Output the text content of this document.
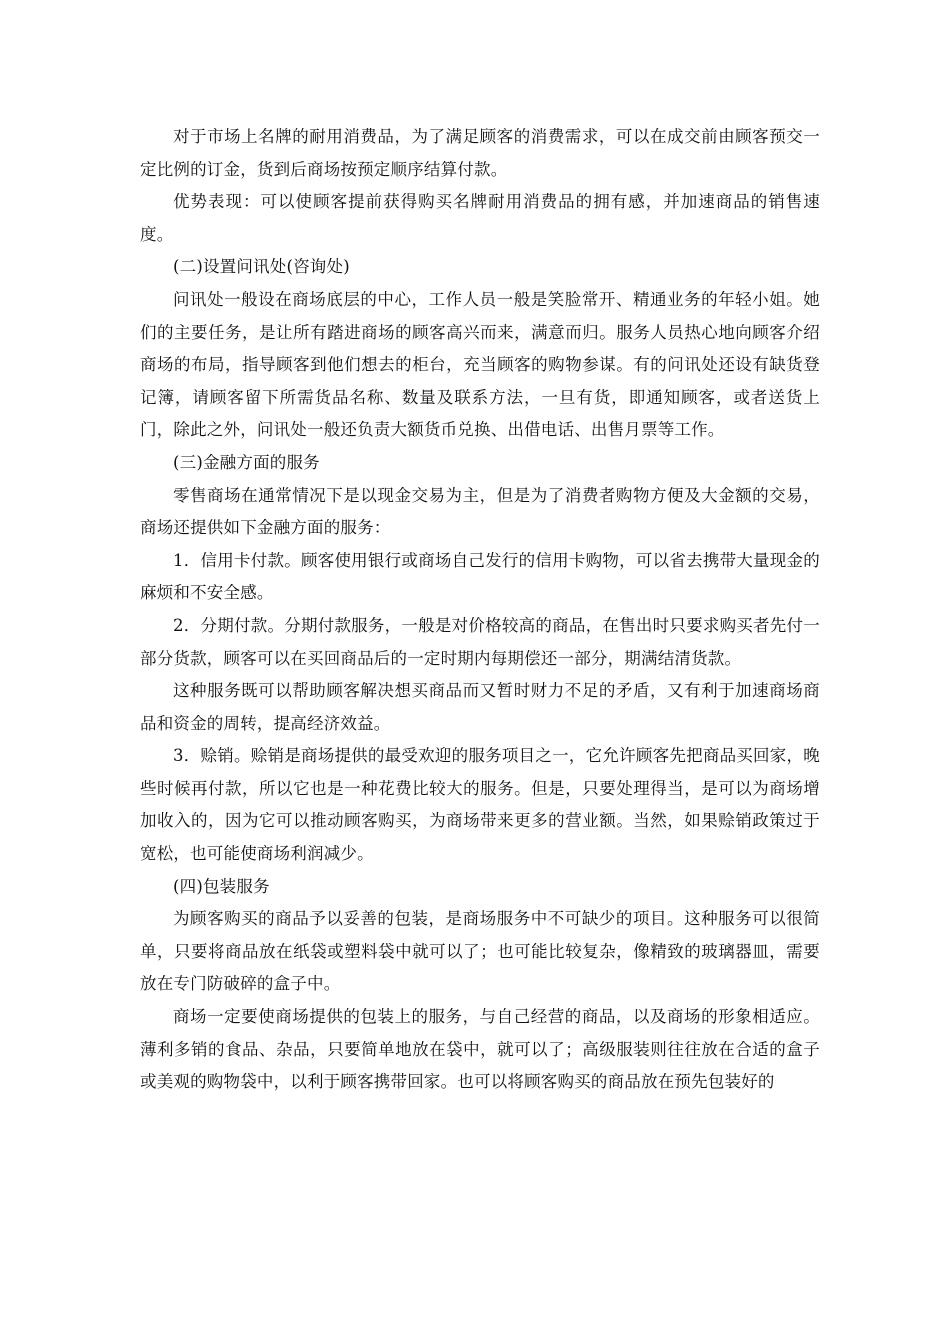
对于市场上名牌的耐用消费品，为了满足顾客的消费需求，可以在成交前由顾客预交一定比例的订金，货到后商场按预定顺序结算付款。

优势表现：可以使顾客提前获得购买名牌耐用消费品的拥有感，并加速商品的销售速度。

(二)设置问讯处(咨询处)

问讯处一般设在商场底层的中心，工作人员一般是笑脸常开、精通业务的年轻小姐。她们的主要任务，是让所有踏进商场的顾客高兴而来，满意而归。服务人员热心地向顾客介绍商场的布局，指导顾客到他们想去的柜台，充当顾客的购物参谋。有的问讯处还设有缺货登记簿，请顾客留下所需货品名称、数量及联系方法，一旦有货，即通知顾客，或者送货上门，除此之外，问讯处一般还负责大额货币兑换、出借电话、出售月票等工作。

(三)金融方面的服务

零售商场在通常情况下是以现金交易为主，但是为了消费者购物方便及大金额的交易，商场还提供如下金融方面的服务：

1．信用卡付款。顾客使用银行或商场自己发行的信用卡购物，可以省去携带大量现金的麻烦和不安全感。

2．分期付款。分期付款服务，一般是对价格较高的商品，在售出时只要求购买者先付一部分货款，顾客可以在买回商品后的一定时期内每期偿还一部分，期满结清货款。

这种服务既可以帮助顾客解决想买商品而又暂时财力不足的矛盾，又有利于加速商场商品和资金的周转，提高经济效益。

3．赊销。赊销是商场提供的最受欢迎的服务项目之一，它允许顾客先把商品买回家，晚些时候再付款，所以它也是一种花费比较大的服务。但是，只要处理得当，是可以为商场增加收入的，因为它可以推动顾客购买，为商场带来更多的营业额。当然，如果赊销政策过于宽松，也可能使商场利润减少。

(四)包装服务

为顾客购买的商品予以妥善的包装，是商场服务中不可缺少的项目。这种服务可以很简单，只要将商品放在纸袋或塑料袋中就可以了；也可能比较复杂，像精致的玻璃器皿，需要放在专门防破碎的盒子中。

商场一定要使商场提供的包装上的服务，与自己经营的商品，以及商场的形象相适应。薄利多销的食品、杂品，只要简单地放在袋中，就可以了；高级服装则往往放在合适的盒子或美观的购物袋中，以利于顾客携带回家。也可以将顾客购买的商品放在预先包装好的
